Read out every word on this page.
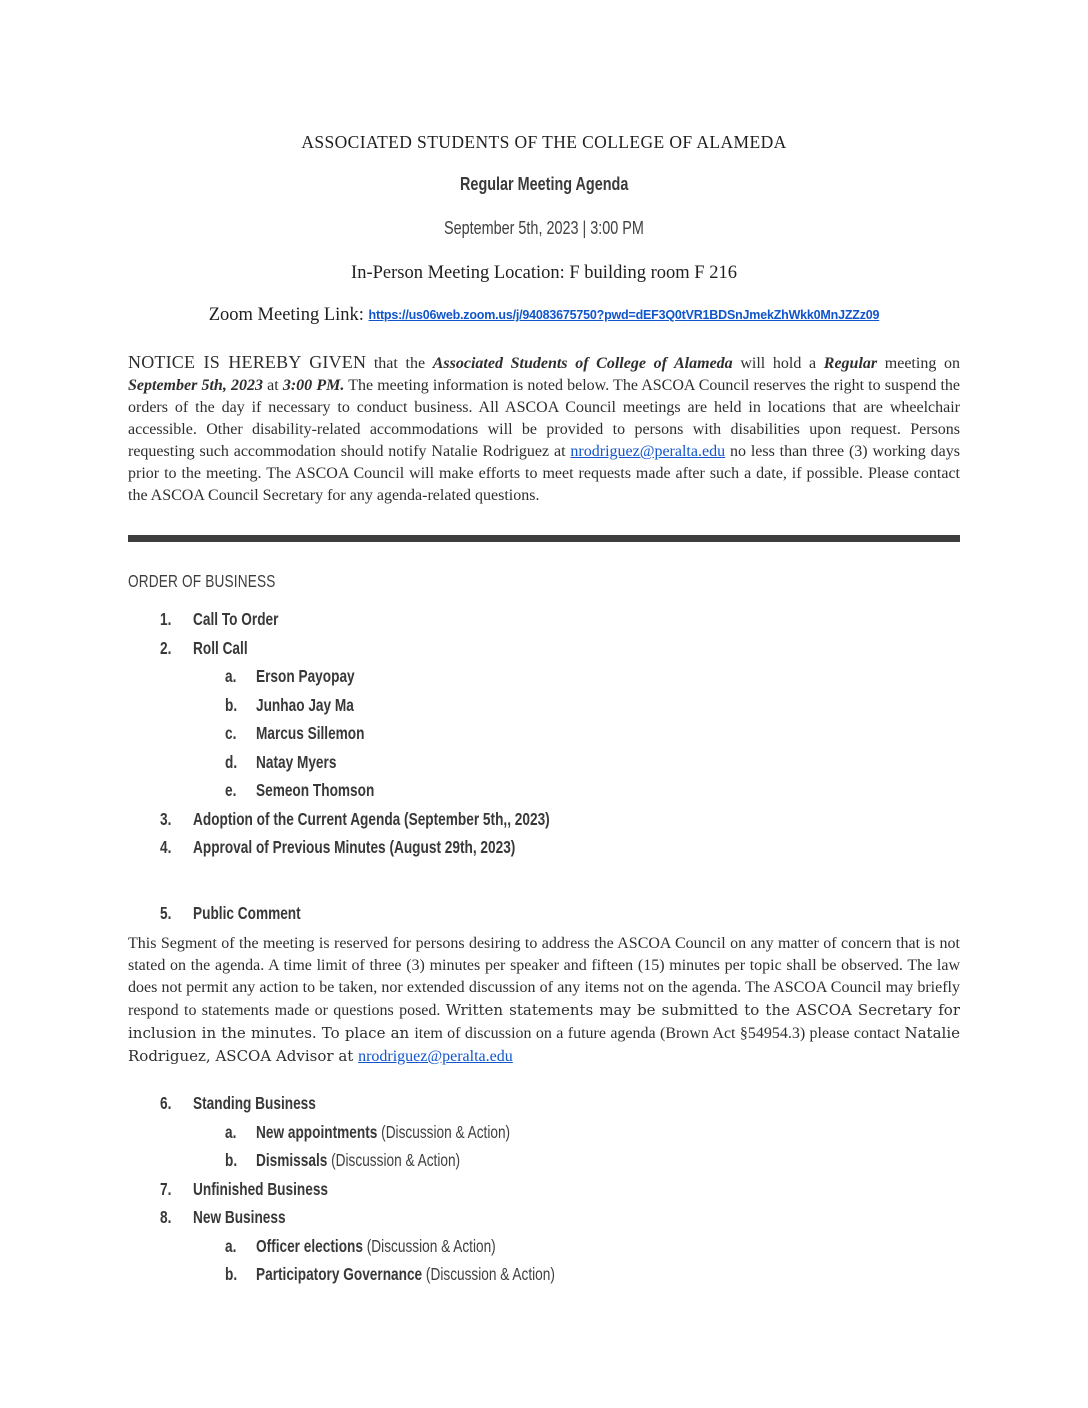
ASSOCIATED STUDENTS OF THE COLLEGE OF ALAMEDA
Regular Meeting Agenda
September 5th, 2023 | 3:00 PM
In-Person Meeting Location: F building room F 216
Zoom Meeting Link: https://us06web.zoom.us/j/94083675750?pwd=dEF3Q0tVR1BDSnJmekZhWkk0MnJZZz09
NOTICE IS HEREBY GIVEN that the Associated Students of College of Alameda will hold a Regular meeting on September 5th, 2023 at 3:00 PM. The meeting information is noted below. The ASCOA Council reserves the right to suspend the orders of the day if necessary to conduct business. All ASCOA Council meetings are held in locations that are wheelchair accessible. Other disability-related accommodations will be provided to persons with disabilities upon request. Persons requesting such accommodation should notify Natalie Rodriguez at nrodriguez@peralta.edu no less than three (3) working days prior to the meeting. The ASCOA Council will make efforts to meet requests made after such a date, if possible. Please contact the ASCOA Council Secretary for any agenda-related questions.
ORDER OF BUSINESS
1. Call To Order
2. Roll Call
a. Erson Payopay
b. Junhao Jay Ma
c. Marcus Sillemon
d. Natay Myers
e. Semeon Thomson
3. Adoption of the Current Agenda (September 5th,, 2023)
4. Approval of Previous Minutes (August 29th, 2023)
5. Public Comment
This Segment of the meeting is reserved for persons desiring to address the ASCOA Council on any matter of concern that is not stated on the agenda. A time limit of three (3) minutes per speaker and fifteen (15) minutes per topic shall be observed. The law does not permit any action to be taken, nor extended discussion of any items not on the agenda. The ASCOA Council may briefly respond to statements made or questions posed. Written statements may be submitted to the ASCOA Secretary for inclusion in the minutes. To place an item of discussion on a future agenda (Brown Act §54954.3) please contact Natalie Rodriguez, ASCOA Advisor at nrodriguez@peralta.edu
6. Standing Business
a. New appointments (Discussion & Action)
b. Dismissals (Discussion & Action)
7. Unfinished Business
8. New Business
a. Officer elections (Discussion & Action)
b. Participatory Governance (Discussion & Action)
